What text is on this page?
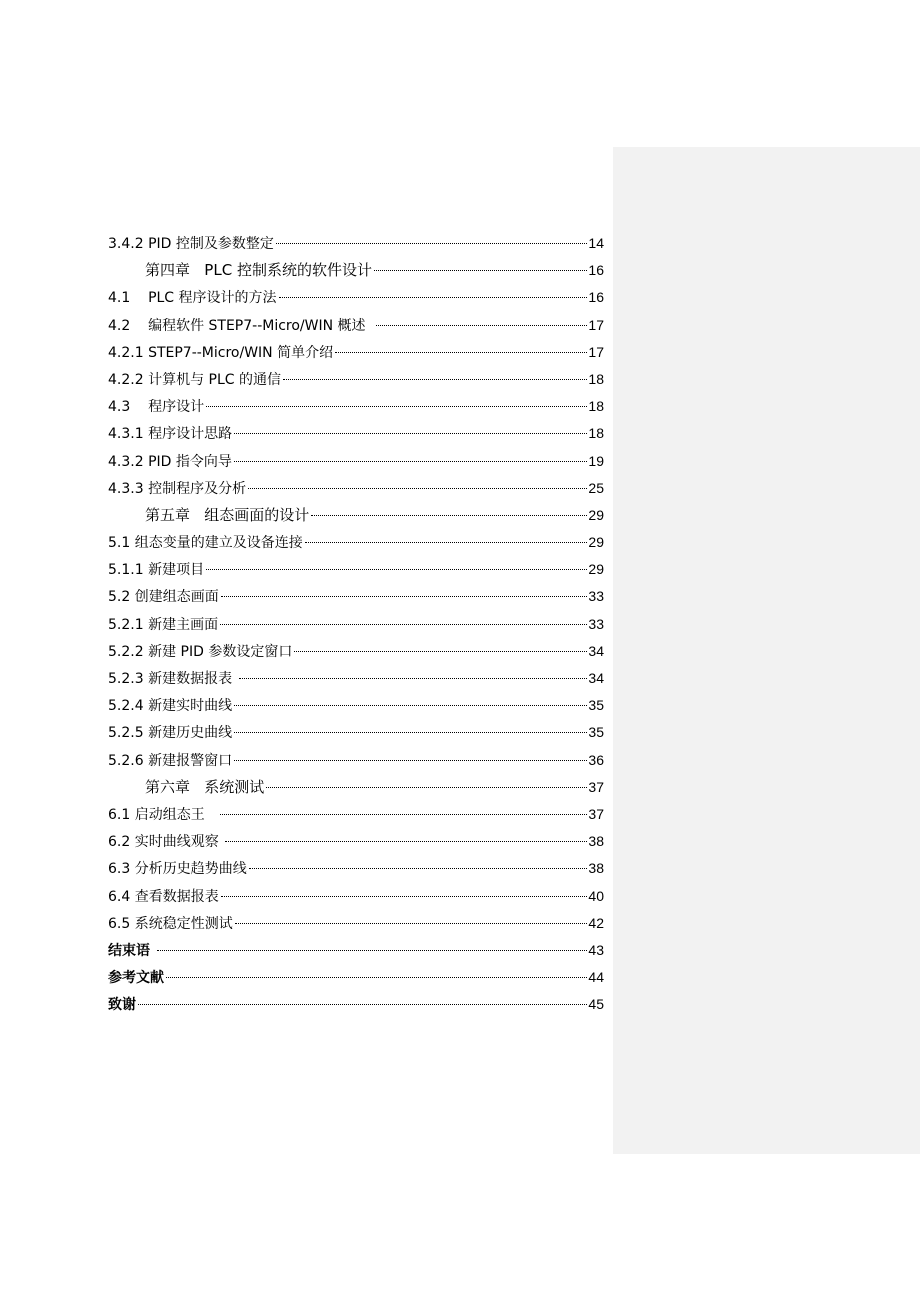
3.4.2 PID 控制及参数整定	14
第四章   PLC 控制系统的软件设计	16
4.1    PLC 程序设计的方法	16
4.2    编程软件 STEP7--Micro/WIN 概述	17
4.2.1 STEP7--Micro/WIN 简单介绍	17
4.2.2 计算机与 PLC 的通信	18
4.3    程序设计	18
4.3.1 程序设计思路	18
4.3.2 PID 指令向导	19
4.3.3 控制程序及分析	25
第五章   组态画面的设计	29
5.1 组态变量的建立及设备连接	29
5.1.1 新建项目	29
5.2 创建组态画面	33
5.2.1 新建主画面	33
5.2.2 新建 PID 参数设定窗口	34
5.2.3 新建数据报表	34
5.2.4 新建实时曲线	35
5.2.5 新建历史曲线	35
5.2.6 新建报警窗口	36
第六章   系统测试	37
6.1 启动组态王	37
6.2 实时曲线观察	38
6.3 分析历史趋势曲线	38
6.4 查看数据报表	40
6.5 系统稳定性测试	42
结束语	43
参考文献	44
致谢	45
